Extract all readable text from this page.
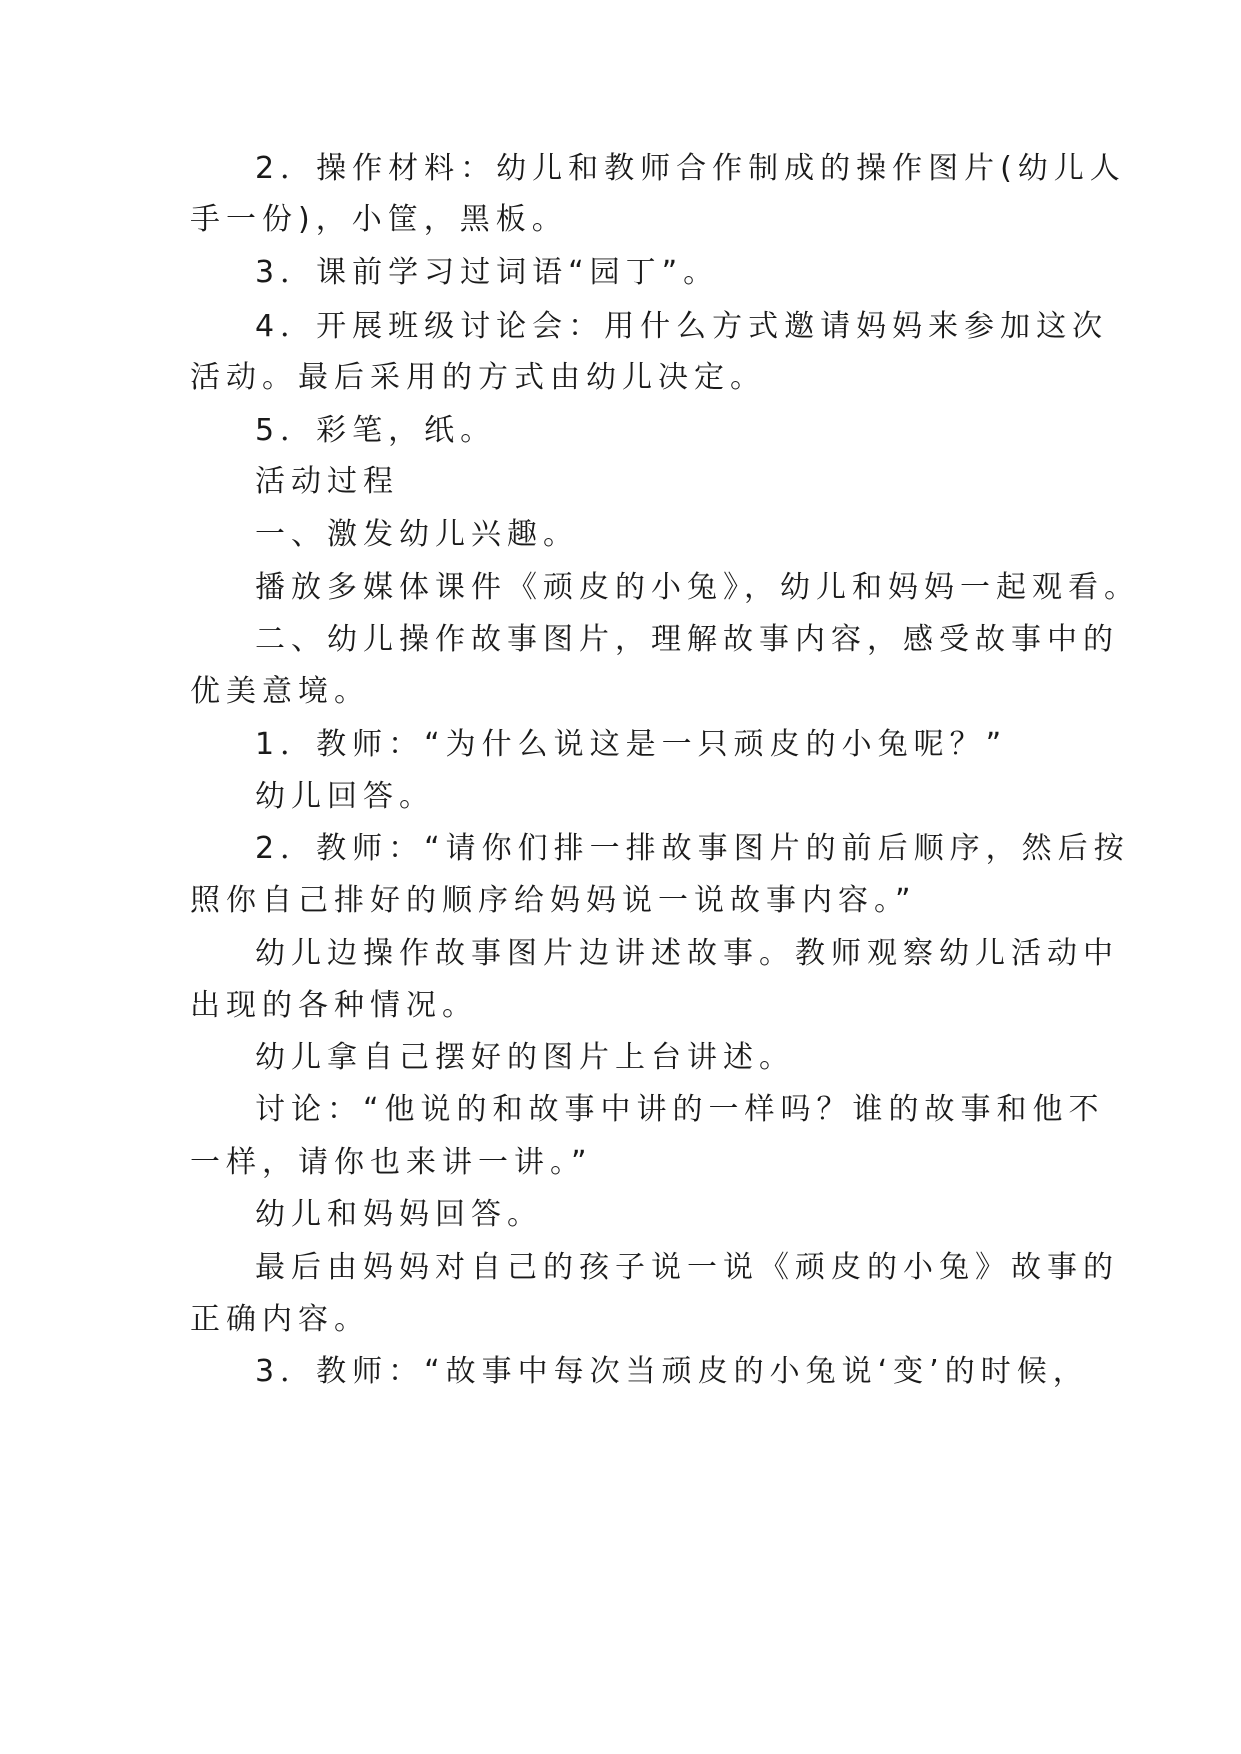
2．操作材料：幼儿和教师合作制成的操作图片(幼儿人
手一份)，小筐，黑板。
3．课前学习过词语“园丁”。
4．开展班级讨论会：用什么方式邀请妈妈来参加这次
活动。最后采用的方式由幼儿决定。
5．彩笔，纸。
活动过程
一、激发幼儿兴趣。
播放多媒体课件《顽皮的小兔》，幼儿和妈妈一起观看。
二、幼儿操作故事图片，理解故事内容，感受故事中的
优美意境。
1．教师：“为什么说这是一只顽皮的小兔呢？”
幼儿回答。
2．教师：“请你们排一排故事图片的前后顺序，然后按
照你自己排好的顺序给妈妈说一说故事内容。”
幼儿边操作故事图片边讲述故事。教师观察幼儿活动中
出现的各种情况。
幼儿拿自己摆好的图片上台讲述。
讨论：“他说的和故事中讲的一样吗？谁的故事和他不
一样，请你也来讲一讲。”
幼儿和妈妈回答。
最后由妈妈对自己的孩子说一说《顽皮的小兔》故事的
正确内容。
3．教师：“故事中每次当顽皮的小兔说‘变’的时候，
